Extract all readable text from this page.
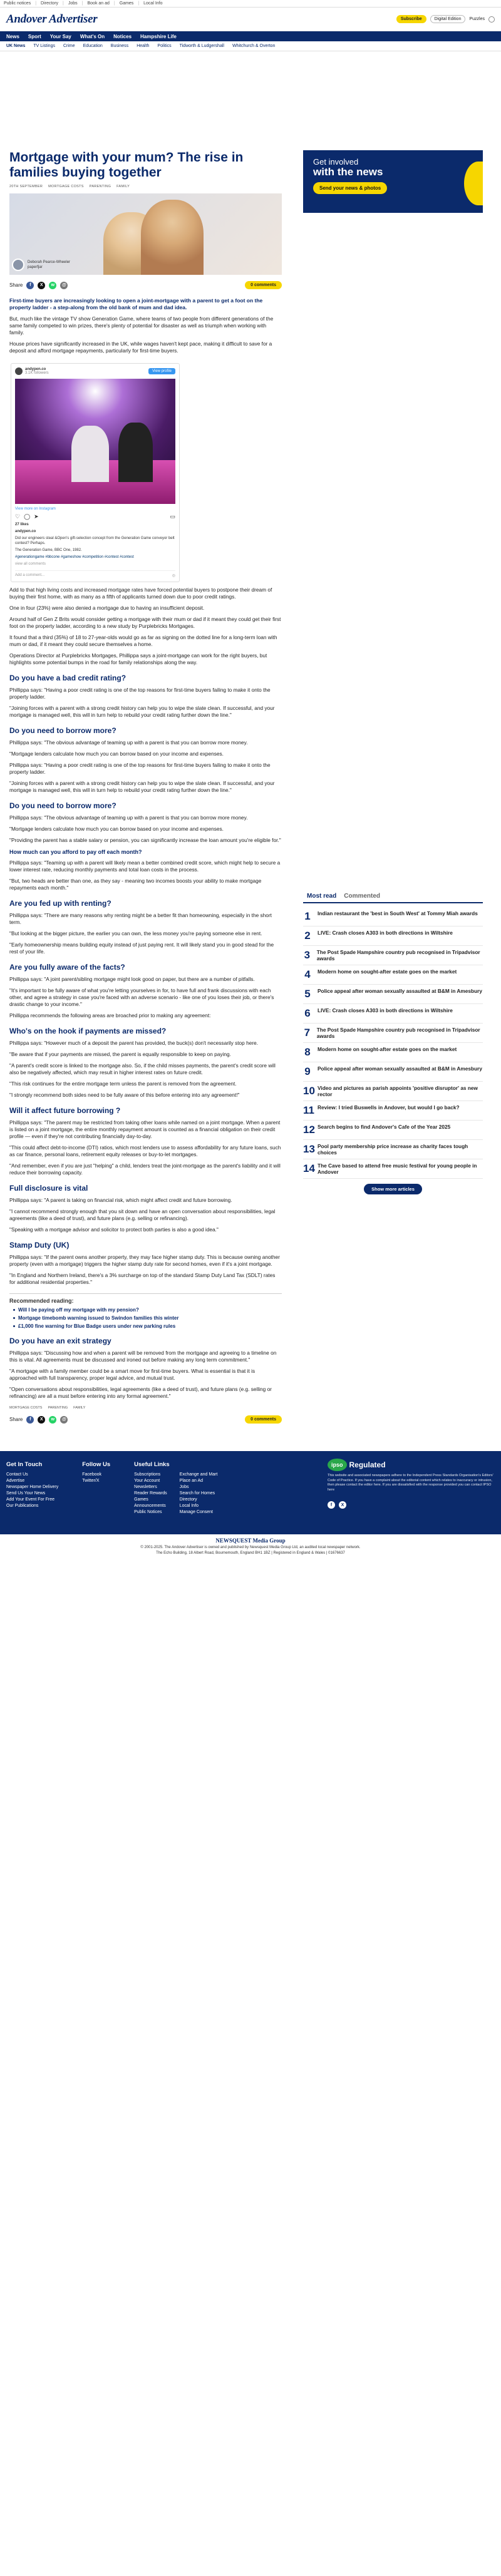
Public notices | Directory | Jobs | Book an ad | Games | Local Info
Andover Advertiser	Subscribe	Digital Edition	Puzzles
News Sport Your Say What's On Notices Hampshire Life
UK News TV Listings Crime Education Business Health Politics Tidworth & Ludgershall Whitchurch & Overton
Mortgage with your mum? The rise in families buying together
20TH SEPTEMBER MORTGAGE COSTS PARENTING FAMILY
Deborah Pearce-Wheeler
paperfjar
Share	f	X	w	@	0 comments

First-time buyers are increasingly looking to open a joint-mortgage with a parent to get a foot on the property ladder - a step-along from the old bank of mum and dad idea.

But, much like the vintage TV show Generation Game, where teams of two people from different generations of the same family competed to win prizes, there's plenty of potential for disaster as well as triumph when working with family.

House prices have significantly increased in the UK, while wages haven't kept pace, making it difficult to save for a deposit and afford mortgage repayments, particularly for first-time buyers.

andypen.co
3.1K followers	View profile
View more on Instagram
♡ ◯ ➤	▭
27 likes
andypen.co
Did our engineers steal &Open's gift-selection concept from the Generation Game conveyor belt contest? Perhaps.
The Generation Game, BBC One, 1982.
#generationgame #bbcone #gameshow #competition #contest #contest
view all comments
Add a comment...	◎

Add to that high living costs and increased mortgage rates have forced potential buyers to postpone their dream of buying their first home, with as many as a fifth of applicants turned down due to poor credit ratings.

One in four (23%) were also denied a mortgage due to having an insufficient deposit.

Around half of Gen Z Brits would consider getting a mortgage with their mum or dad if it meant they could get their first foot on the property ladder, according to a new study by Purplebricks Mortgages.

It found that a third (35%) of 18 to 27-year-olds would go as far as signing on the dotted line for a long-term loan with mum or dad, if it meant they could secure themselves a home.

Operations Director at Purplebricks Mortgages, Phillippa says a joint-mortgage can work for the right buyers, but highlights some potential bumps in the road for family relationships along the way.

Do you have a bad credit rating?

Phillippa says: "Having a poor credit rating is one of the top reasons for first-time buyers failing to make it onto the property ladder.

"Joining forces with a parent with a strong credit history can help you to wipe the slate clean. If successful, and your mortgage is managed well, this will in turn help to rebuild your credit rating further down the line."

Do you need to borrow more?

Phillippa says: "The obvious advantage of teaming up with a parent is that you can borrow more money.

"Mortgage lenders calculate how much you can borrow based on your income and expenses.

Phillippa says: "Having a poor credit rating is one of the top reasons for first-time buyers failing to make it onto the property ladder.

"Joining forces with a parent with a strong credit history can help you to wipe the slate clean. If successful, and your mortgage is managed well, this will in turn help to rebuild your credit rating further down the line."

Do you need to borrow more?

Phillippa says: "The obvious advantage of teaming up with a parent is that you can borrow more money.

"Mortgage lenders calculate how much you can borrow based on your income and expenses.

"Providing the parent has a stable salary or pension, you can significantly increase the loan amount you're eligible for."

How much can you afford to pay off each month?

Phillippa says: "Teaming up with a parent will likely mean a better combined credit score, which might help to secure a lower interest rate, reducing monthly payments and total loan costs in the process.

"But, two heads are better than one, as they say - meaning two incomes boosts your ability to make mortgage repayments each month."

Are you fed up with renting?

Phillippa says: "There are many reasons why renting might be a better fit than homeowning, especially in the short term.

"But looking at the bigger picture, the earlier you can own, the less money you're paying someone else in rent.

"Early homeownership means building equity instead of just paying rent. It will likely stand you in good stead for the rest of your life.

Are you fully aware of the facts?

Phillippa says: "A joint parent/sibling mortgage might look good on paper, but there are a number of pitfalls.

"It's important to be fully aware of what you're letting yourselves in for, to have full and frank discussions with each other, and agree a strategy in case you're faced with an adverse scenario - like one of you loses their job, or there's drastic change to your income."

Phillippa recommends the following areas are broached prior to making any agreement:

Who's on the hook if payments are missed?

Phillippa says: "However much of a deposit the parent has provided, the buck(s) don't necessarily stop here.

"Be aware that if your payments are missed, the parent is equally responsible to keep on paying.

"A parent's credit score is linked to the mortgage also. So, if the child misses payments, the parent's credit score will also be negatively affected, which may result in higher interest rates on future credit.

"This risk continues for the entire mortgage term unless the parent is removed from the agreement.

"I strongly recommend both sides need to be fully aware of this before entering into any agreement!"

Will it affect future borrowing ?

Phillippa says: "The parent may be restricted from taking other loans while named on a joint mortgage. When a parent is listed on a joint mortgage, the entire monthly repayment amount is counted as a financial obligation on their credit profile — even if they're not contributing financially day-to-day.

"This could affect debt-to-income (DTI) ratios, which most lenders use to assess affordability for any future loans, such as car finance, personal loans, retirement equity releases or buy-to-let mortgages.

"And remember, even if you are just "helping" a child, lenders treat the joint-mortgage as the parent's liability and it will reduce their borrowing capacity.

Full disclosure is vital

Phillippa says: "A parent is taking on financial risk, which might affect credit and future borrowing.

"I cannot recommend strongly enough that you sit down and have an open conversation about responsibilities, legal agreements (like a deed of trust), and future plans (e.g. selling or refinancing).

"Speaking with a mortgage advisor and solicitor to protect both parties is also a good idea."

Stamp Duty (UK)

Phillippa says: "If the parent owns another property, they may face higher stamp duty. This is because owning another property (even with a mortgage) triggers the higher stamp duty rate for second homes, even if it's a joint mortgage.

"In England and Northern Ireland, there's a 3% surcharge on top of the standard Stamp Duty Land Tax (SDLT) rates for additional residential properties."

Recommended reading:
Will I be paying off my mortgage with my pension?
Mortgage timebomb warning issued to Swindon families this winter
£1,000 fine warning for Blue Badge users under new parking rules
Do you have an exit strategy

Phillippa says: "Discussing how and when a parent will be removed from the mortgage and agreeing to a timeline on this is vital. All agreements must be discussed and ironed out before making any long term commitment."

"A mortgage with a family member could be a smart move for first-time buyers. What is essential is that it is approached with full transparency, proper legal advice, and mutual trust.

"Open conversations about responsibilities, legal agreements (like a deed of trust), and future plans (e.g. selling or refinancing) are all a must before entering into any formal agreement."

MORTGAGE COSTS PARENTING FAMILY
Share	f	X	w	@	0 comments
Get involved
with the news
Send your news & photos
Most read	Commented
1 Indian restaurant the 'best in South West' at Tommy Miah awards
2 LIVE: Crash closes A303 in both directions in Wiltshire
3 The Post Spade Hampshire country pub recognised in Tripadvisor awards
4 Modern home on sought-after estate goes on the market
5 Police appeal after woman sexually assaulted at B&M in Amesbury
6 LIVE: Crash closes A303 in both directions in Wiltshire
7 The Post Spade Hampshire country pub recognised in Tripadvisor awards
8 Modern home on sought-after estate goes on the market
9 Police appeal after woman sexually assaulted at B&M in Amesbury
10 Video and pictures as parish appoints 'positive disruptor' as new rector
11 Review: I tried Buswells in Andover, but would I go back?
12 Search begins to find Andover's Cafe of the Year 2025
13 Pool party membership price increase as charity faces tough choices
14 The Cave based to attend free music festival for young people in Andover
Show more articles
Get In Touch
Contact Us
Advertise
Newspaper Home Delivery
Send Us Your News
Add Your Event For Free
Our Publications
Follow Us
Facebook
Twitter/X
Useful Links
Subscriptions
Your Account
Newsletters
Reader Rewards
Games
Announcements
Public Notices
Exchange and Mart
Place an Ad
Jobs
Search for Homes
Directory
Local Info
Manage Consent
ipso Regulated
This website and associated newspapers adhere to the Independent Press Standards Organisation's Editors' Code of Practice. If you have a complaint about the editorial content which relates to inaccuracy or intrusion, then please contact the editor here. If you are dissatisfied with the response provided you can contact IPSO here
f	X
NEWSQUEST Media Group
© 2001-2025. The Andover Advertiser is owned and published by Newsquest Media Group Ltd, an audited local newspaper network.
The Echo Building, 18 Albert Road, Bournemouth, England BH1 1BZ | Registered in England & Wales | 01676637
